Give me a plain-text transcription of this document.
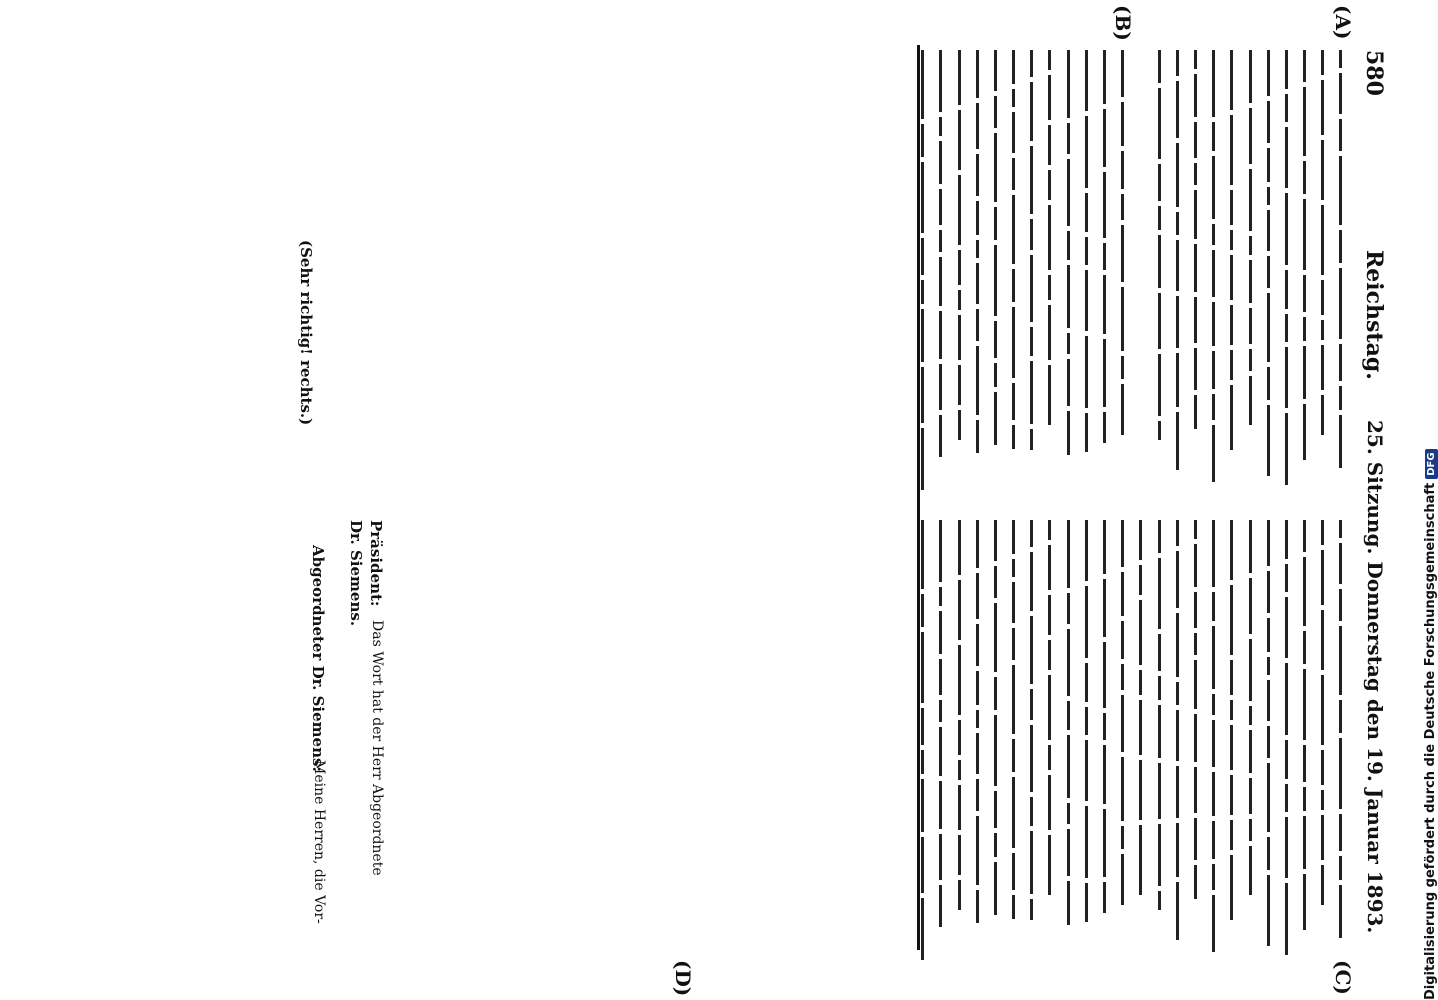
580
Reichstag.
25. Sitzung. Donnerstag den 19. Januar 1893.
(A)
(B)
(C)
(D)
(Sehr richtig! rechts.)
Präsident:
Das Wort hat der Herr Abgeordnete
Dr. Siemens.
Abgeordneter Dr. Siemens:
Meine Herren, die Vor-	Digitalisierung gefördert durch die Deutsche ForschungsgemeinschaftDFG
